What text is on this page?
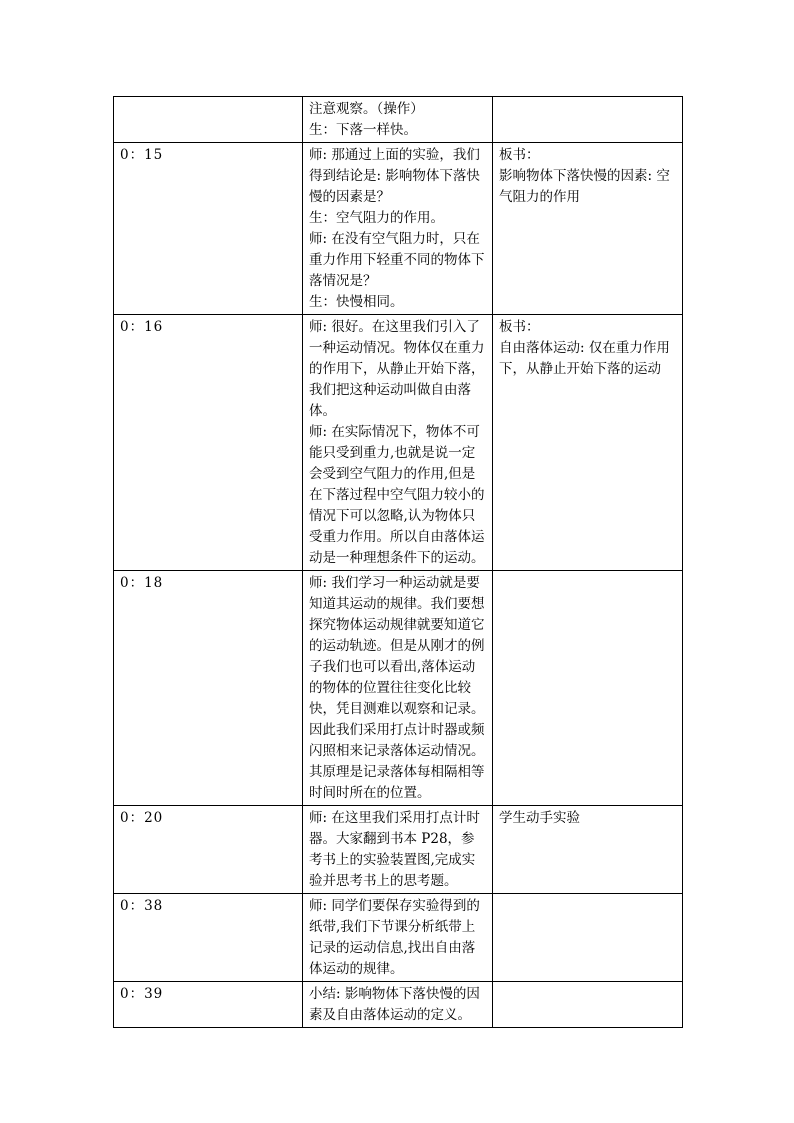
	注意观察。（操作）
生：下落一样快。	

0：15	师: 那通过上面的实验，我们得到结论是: 影响物体下落快慢的因素是？
生：空气阻力的作用。
师: 在没有空气阻力时，只在重力作用下轻重不同的物体下落情况是？
生：快慢相同。	板书：
影响物体下落快慢的因素: 空气阻力的作用

0：16	师: 很好。在这里我们引入了一种运动情况。物体仅在重力的作用下，从静止开始下落，我们把这种运动叫做自由落体。
师: 在实际情况下，物体不可能只受到重力,也就是说一定会受到空气阻力的作用,但是在下落过程中空气阻力较小的情况下可以忽略,认为物体只受重力作用。所以自由落体运动是一种理想条件下的运动。	板书：
自由落体运动: 仅在重力作用下，从静止开始下落的运动

0：18	师: 我们学习一种运动就是要知道其运动的规律。我们要想探究物体运动规律就要知道它的运动轨迹。但是从刚才的例子我们也可以看出,落体运动的物体的位置往往变化比较快，凭目测难以观察和记录。因此我们采用打点计时器或频闪照相来记录落体运动情况。其原理是记录落体每相隔相等时间时所在的位置。	

0：20	师: 在这里我们采用打点计时器。大家翻到书本 P28，参考书上的实验装置图,完成实验并思考书上的思考题。	学生动手实验

0：38	师: 同学们要保存实验得到的纸带,我们下节课分析纸带上记录的运动信息,找出自由落体运动的规律。	

0：39	小结: 影响物体下落快慢的因素及自由落体运动的定义。	
